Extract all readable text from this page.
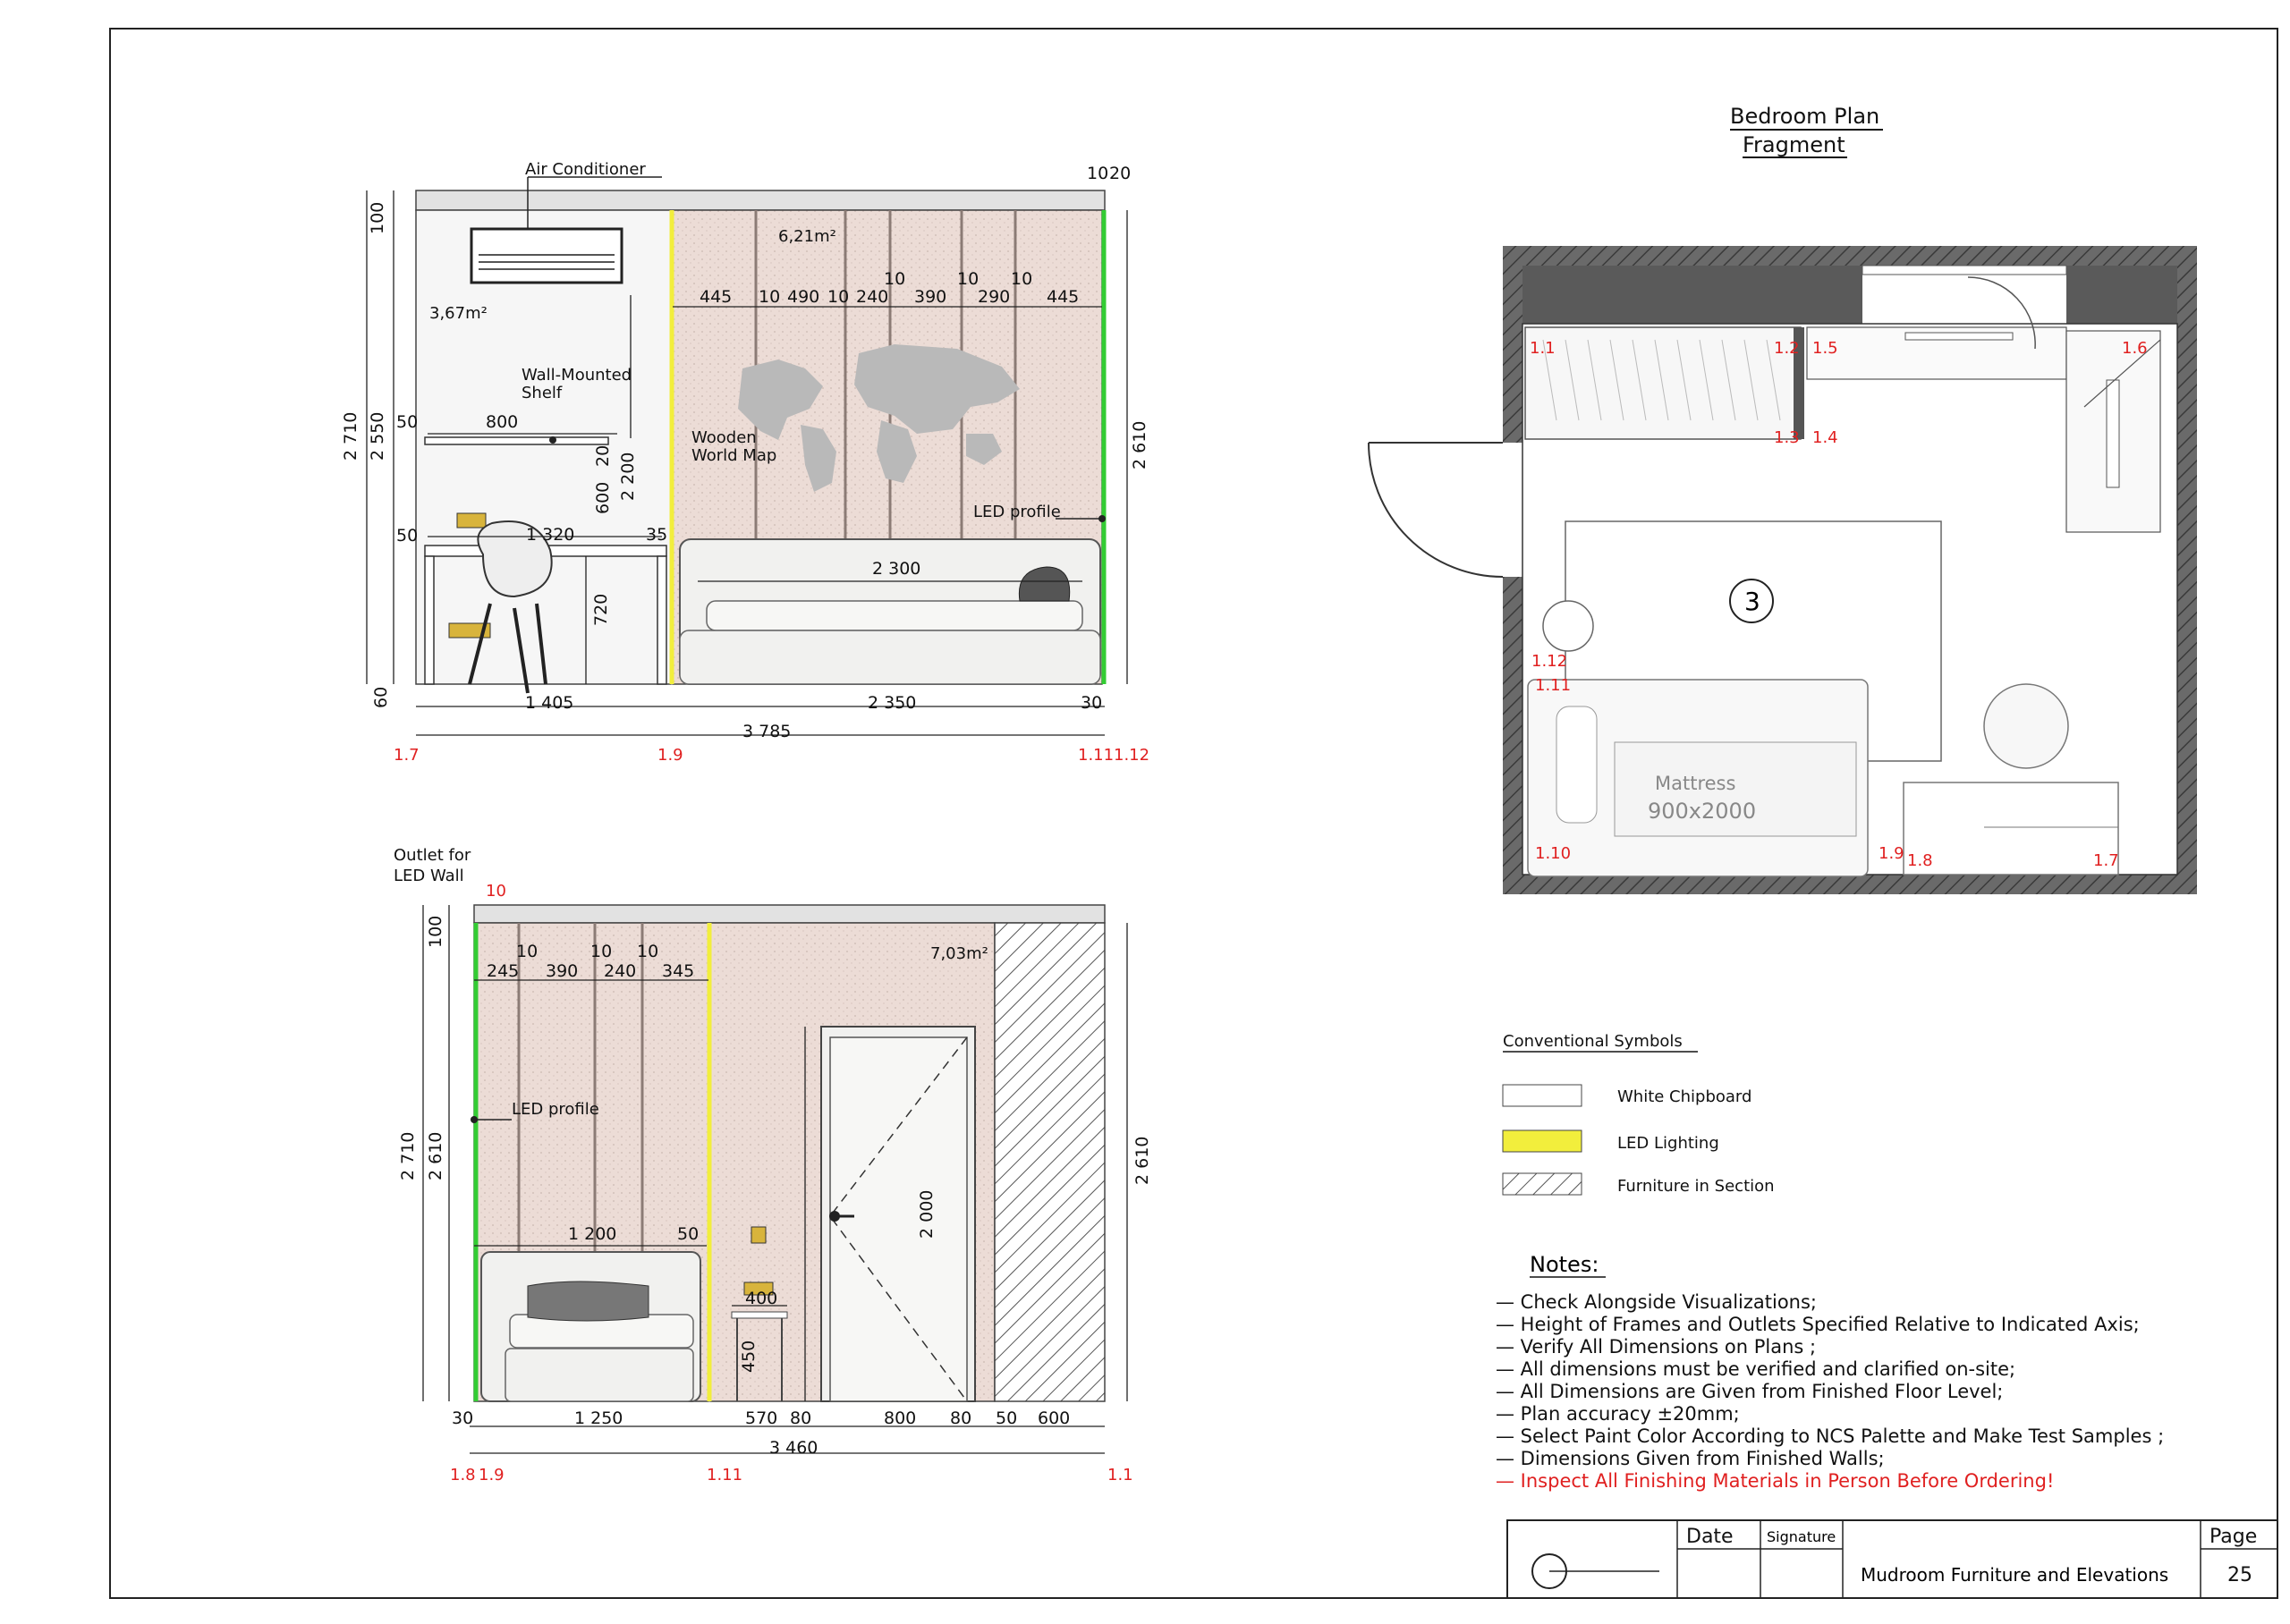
Air Conditioner
3,67m²
6,21m²
Wall-Mounted
Shelf
Wooden
World Map
LED profile
10 20
445 10 490 10 240 390 290 445
10	10 10
100
2 710 2 550	2 610
50	800
20
600 2 200
50	1 320	35
720
2 300
60	1 405	2 350	30
3 785
1.7	1.9	1.11 1.12
Outlet for
LED Wall
10
7,03m²
LED profile
245
10
390
10
240
10
345
100
2 710 2 610	2 610
1 200	50
400
450
2 000
3 460
30	1 250	570 80	800 80 50 600
1.8 1.9	1.11	1.1
Bedroom Plan
Fragment
3
Mattress
900x2000
1.1	1.2 1.5	1.6
1.3 1.4
1.12
1.11
1.10	1.9 1.8	1.7
Conventional Symbols
White Chipboard
LED Lighting
Furniture in Section
Notes:
— Check Alongside Visualizations;
— Height of Frames and Outlets Specified Relative to Indicated Axis;
— Verify All Dimensions on Plans ;
— All dimensions must be verified and clarified on-site;
— All Dimensions are Given from Finished Floor Level;
— Plan accuracy ±20mm;
— Select Paint Color According to NCS Palette and Make Test Samples ;
— Dimensions Given from Finished Walls;
— Inspect All Finishing Materials in Person Before Ordering!
Date Signature	Page
Mudroom Furniture and Elevations	25
